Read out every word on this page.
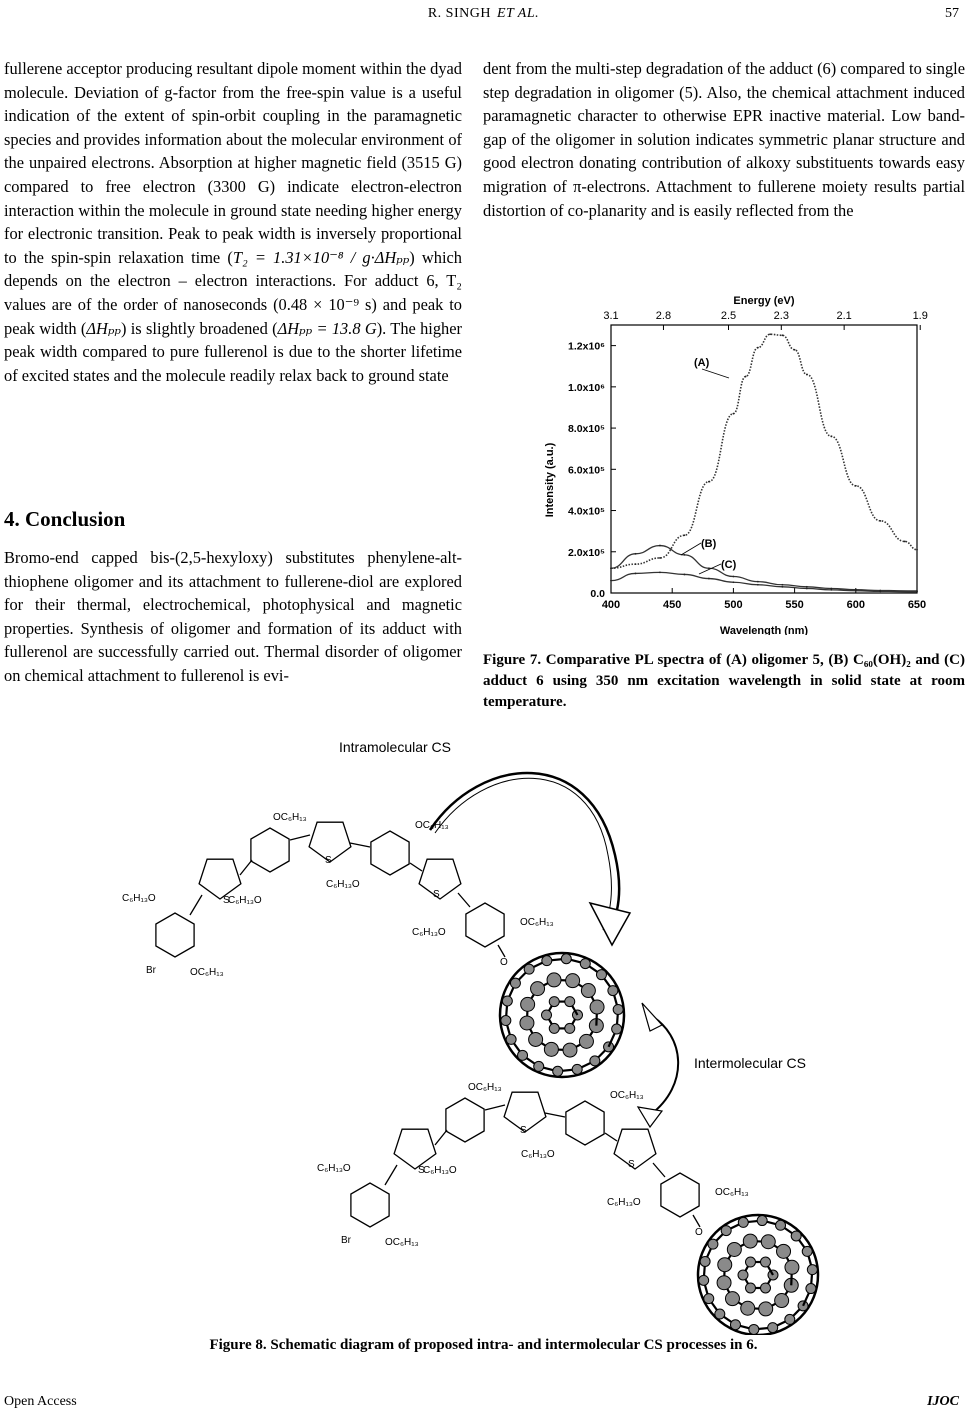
R. SINGH ET AL.	57

fullerene acceptor producing resultant dipole moment within the dyad molecule. Deviation of g-factor from the free-spin value is a useful indication of the extent of spin-orbit coupling in the paramagnetic species and provides information about the molecular environment of the unpaired electrons. Absorption at higher magnetic field (3515 G) compared to free electron (3300 G) indicate electron-electron interaction within the molecule in ground state needing higher energy for electronic transition. Peak to peak width is inversely proportional to the spin-spin relaxation time (T₂ = 1.31×10⁻⁸ / g·ΔHₚₚ) which depends on the electron – electron interactions. For adduct 6, T₂ values are of the order of nanoseconds (0.48 × 10⁻⁹ s) and peak to peak width (ΔHₚₚ) is slightly broadened (ΔHₚₚ = 13.8 G). The higher peak width compared to pure fullerenol is due to the shorter lifetime of excited states and the molecule readily relax back to ground state

4. Conclusion

Bromo-end capped bis-(2,5-hexyloxy) substitutes phenylene-alt-thiophene oligomer and its attachment to fullerene-diol are explored for their thermal, electrochemical, photophysical and magnetic properties. Synthesis of oligomer and formation of its adduct with fullerenol are successfully carried out. Thermal disorder of oligomer on chemical attachment to fullerenol is evi-

dent from the multi-step degradation of the adduct (6) compared to single step degradation in oligomer (5). Also, the chemical attachment induced paramagnetic character to otherwise EPR inactive material. Low band-gap of the oligomer in solution indicates symmetric planar structure and good electron donating contribution of alkoxy substituents towards easy migration of π-electrons. Attachment to fullerene moiety results partial distortion of co-planarity and is easily reflected from the

Energy (eV)
Wavelength (nm)
Intensity (a.u.)
400	450	500	550	600	650
3.1	2.8	2.5	2.3	2.1	1.9
0.0
2.0x10⁵
4.0x10⁵
6.0x10⁵
8.0x10⁵
1.0x10⁶
1.2x10⁶
(A)
(B)
(C)
Figure 7. Comparative PL spectra of (A) oligomer 5, (B) C₆₀(OH)₂ and (C) adduct 6 using 350 nm excitation wavelength in solid state at room temperature.
Intramolecular CS
Intermolecular CS
C₆H₁₃O
Br	OC₆H₁₃
S
C₆H₁₃O
OC₆H₁₃
S
OC₆H₁₃
C₆H₁₃O
S
OC₆H₁₃
C₆H₁₃O
O
C₆H₁₃O
Br	OC₆H₁₃
S
C₆H₁₃O
OC₆H₁₃
S
OC₆H₁₃
C₆H₁₃O
S
OC₆H₁₃
C₆H₁₃O
O
Figure 8. Schematic diagram of proposed intra- and intermolecular CS processes in 6.
Open Access	IJOC
